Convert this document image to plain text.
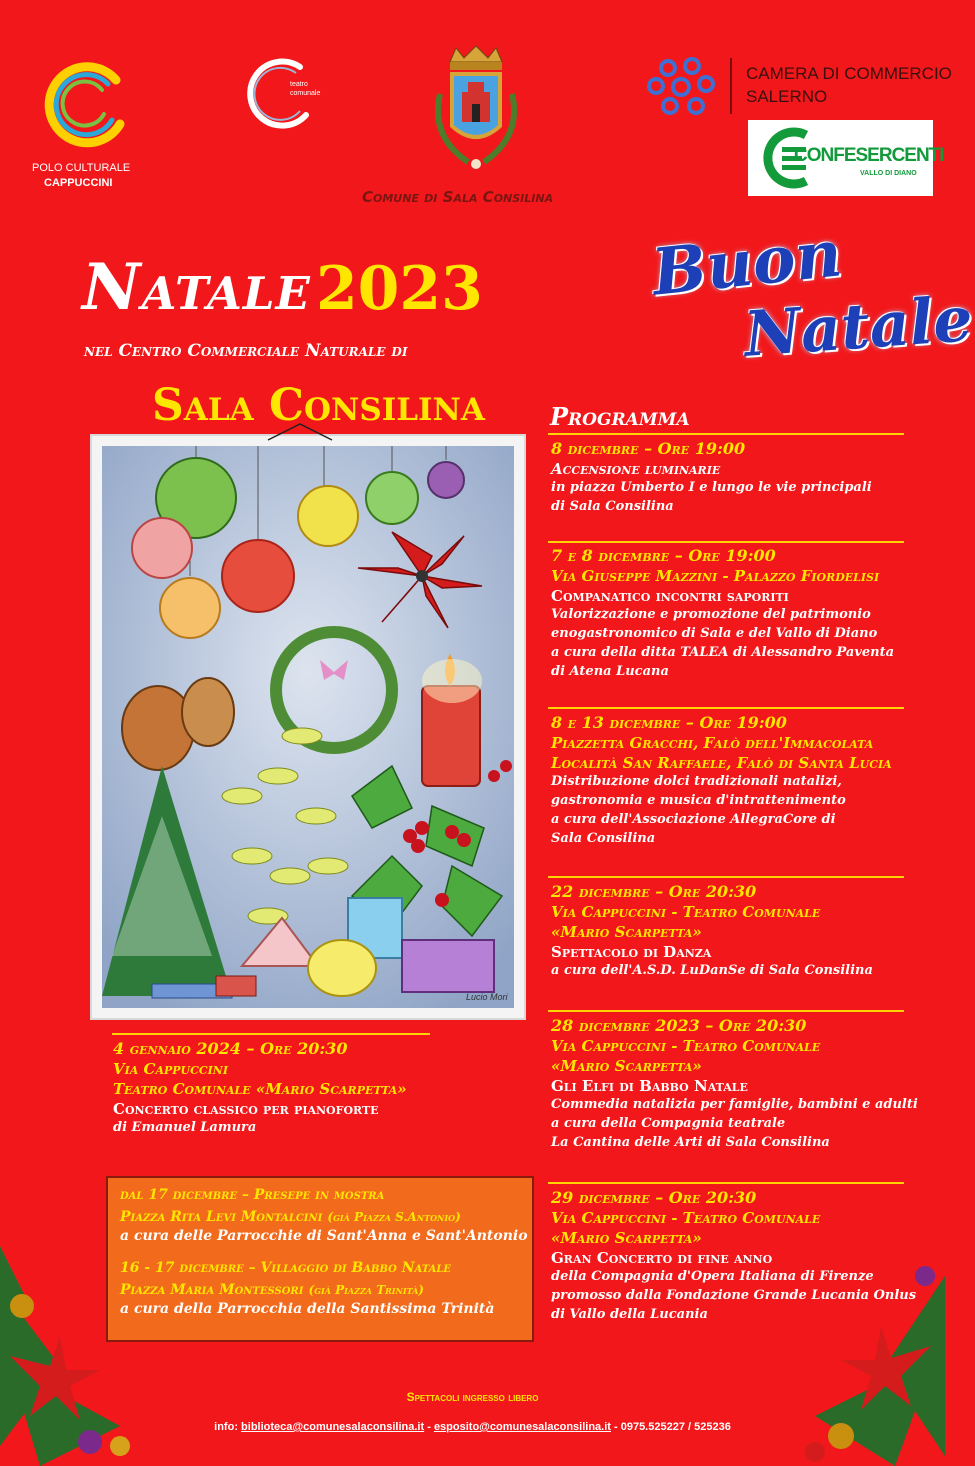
POLO CULTURALE
CAPPUCCINI
teatro
comunale
Comune di Sala Consilina
CAMERA DI COMMERCIO
SALERNO
CONFESERCENTI
VALLO DI DIANO
Natale 2023
nel Centro Commerciale Naturale di
Sala Consilina
Buon
Natale
Lucio Mori
Programma
8 dicembre – Ore 19:00
Accensione luminarie
in piazza Umberto I e lungo le vie principali
di Sala Consilina
7 e 8 dicembre – Ore 19:00
Via Giuseppe Mazzini - Palazzo Fiordelisi
Companatico incontri saporiti
Valorizzazione e promozione del patrimonio
enogastronomico di Sala e del Vallo di Diano
a cura della ditta TALEA di Alessandro Paventa
di Atena Lucana
8 e 13 dicembre – Ore 19:00
Piazzetta Gracchi, Falò dell'Immacolata
Località San Raffaele, Falò di Santa Lucia
Distribuzione dolci tradizionali natalizi,
gastronomia e musica d'intrattenimento
a cura dell'Associazione AllegraCore di
Sala Consilina
22 dicembre – Ore 20:30
Via Cappuccini - Teatro Comunale
«Mario Scarpetta»
Spettacolo di Danza
a cura dell'A.S.D. LuDanSe di Sala Consilina
28 dicembre 2023 – Ore 20:30
Via Cappuccini - Teatro Comunale
«Mario Scarpetta»
Gli Elfi di Babbo Natale
Commedia natalizia per famiglie, bambini e adulti
a cura della Compagnia teatrale
La Cantina delle Arti di Sala Consilina
29 dicembre – Ore 20:30
Via Cappuccini - Teatro Comunale
«Mario Scarpetta»
Gran Concerto di fine anno
della Compagnia d'Opera Italiana di Firenze
promosso dalla Fondazione Grande Lucania Onlus
di Vallo della Lucania
4 gennaio 2024 – Ore 20:30
Via Cappuccini
Teatro Comunale «Mario Scarpetta»
Concerto classico per pianoforte
di Emanuel Lamura
dal 17 dicembre – Presepe in mostra
Piazza Rita Levi Montalcini (già Piazza S.Antonio)
a cura delle Parrocchie di Sant'Anna e Sant'Antonio
16 - 17 dicembre – Villaggio di Babbo Natale
Piazza Maria Montessori (già Piazza Trinità)
a cura della Parrocchia della Santissima Trinità
Spettacoli ingresso libero
info: biblioteca@comunesalaconsilina.it - esposito@comunesalaconsilina.it - 0975.525227 / 525236
